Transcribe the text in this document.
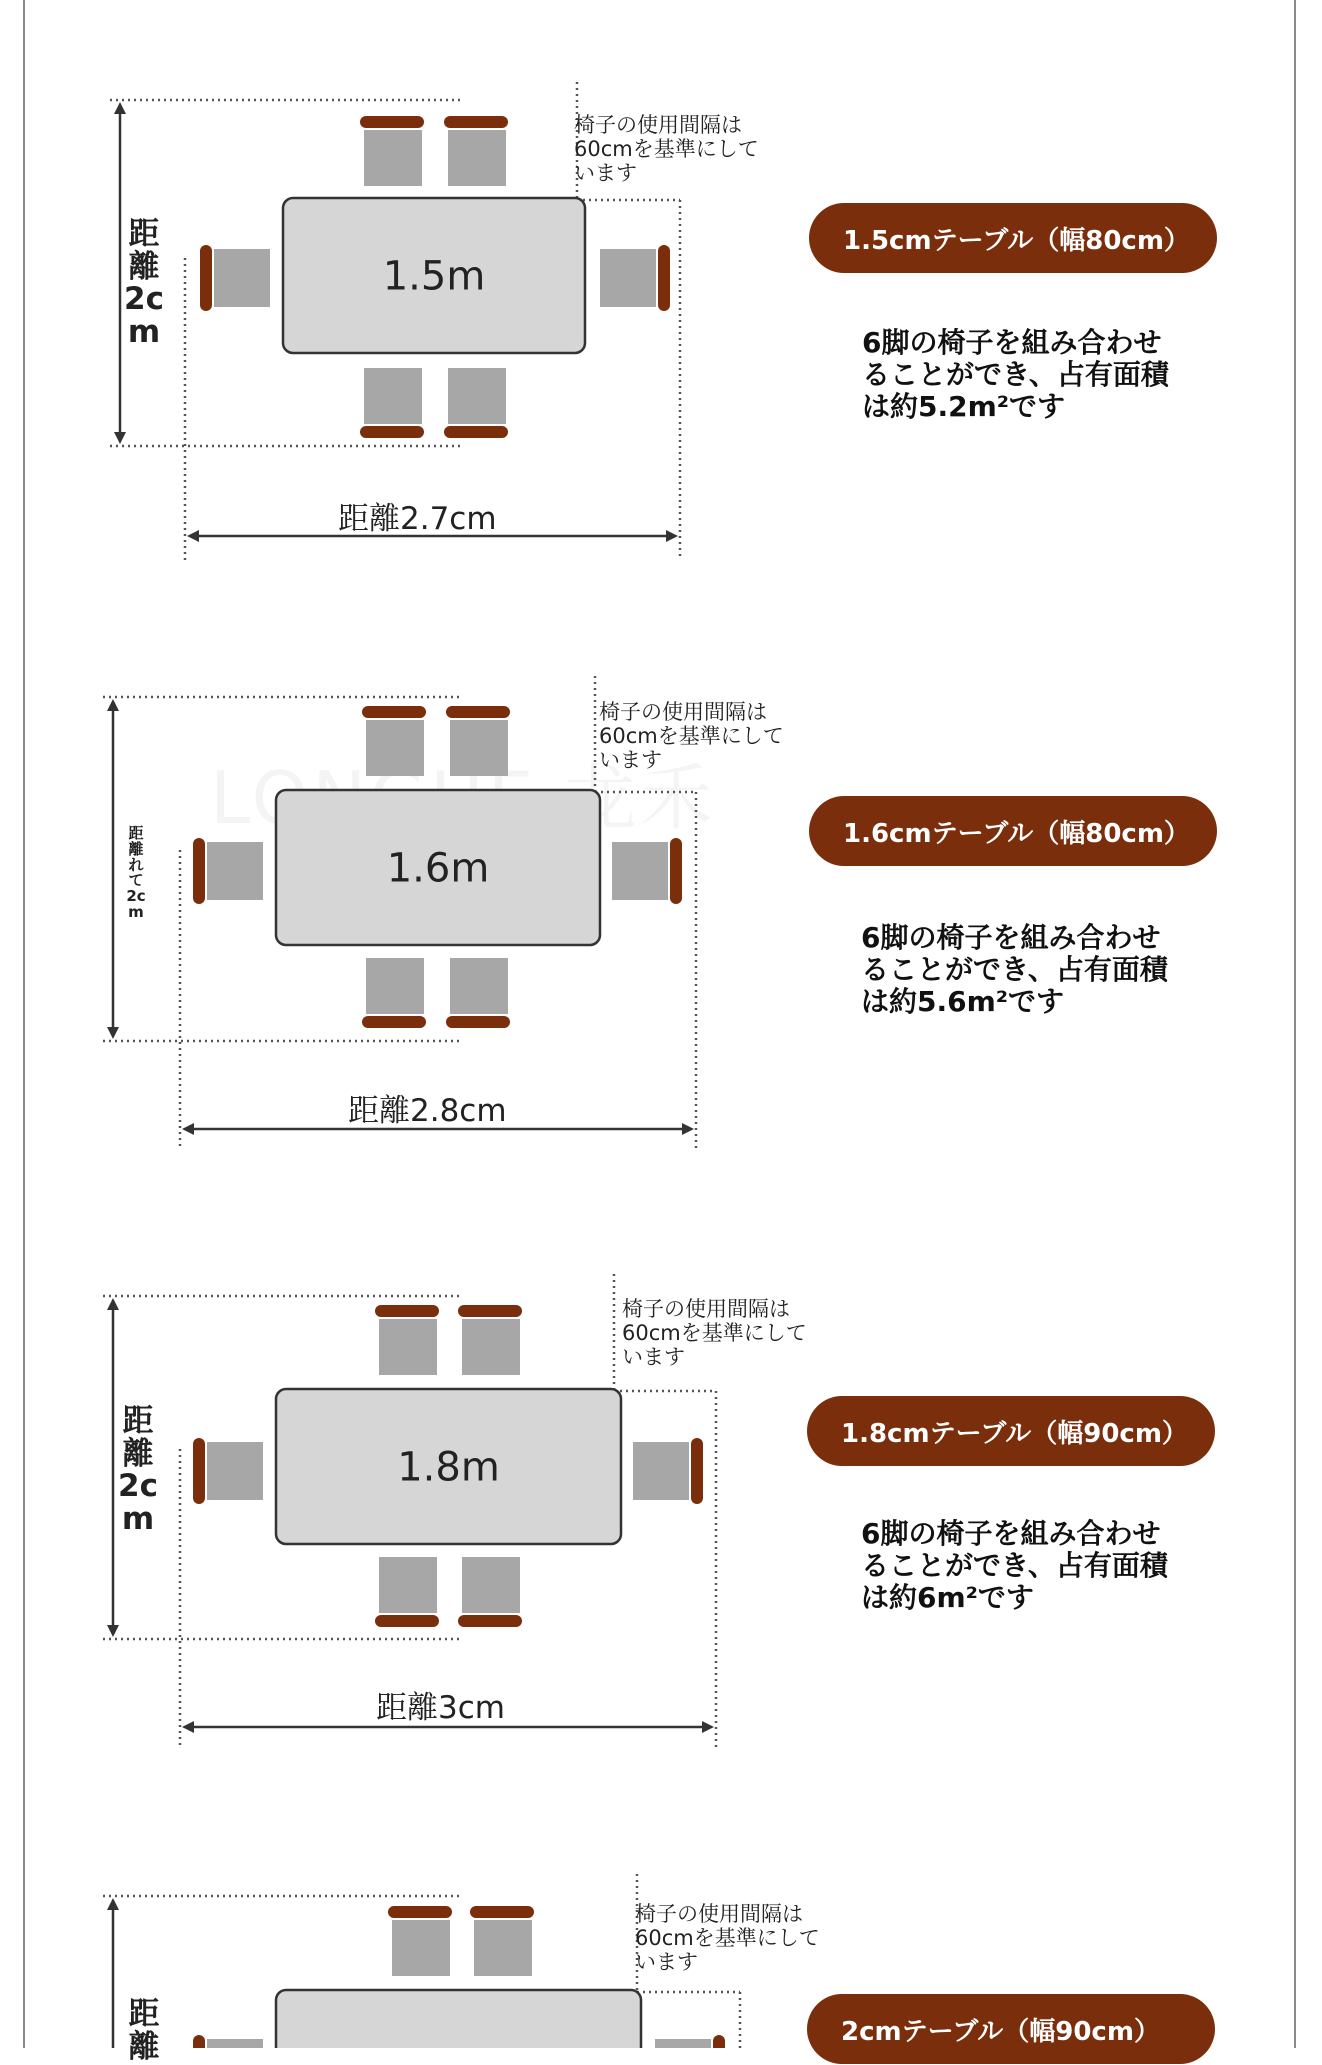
1.5m
1.6m
1.8m
椅子の使用間隔は60cmを基準にしています
距離2cm
距離2.7cm
1.5cmテーブル（幅80cm）
6脚の椅子を組み合わせることができ、占有面積は約5.2m²です
椅子の使用間隔は60cmを基準にしています
距離れて2cm
距離2.8cm
1.6cmテーブル（幅80cm）
6脚の椅子を組み合わせることができ、占有面積は約5.6m²です
椅子の使用間隔は60cmを基準にしています
距離2cm
距離3cm
1.8cmテーブル（幅90cm）
6脚の椅子を組み合わせることができ、占有面積は約6m²です
椅子の使用間隔は60cmを基準にしています
距離	2cmテーブル（幅90cm）
